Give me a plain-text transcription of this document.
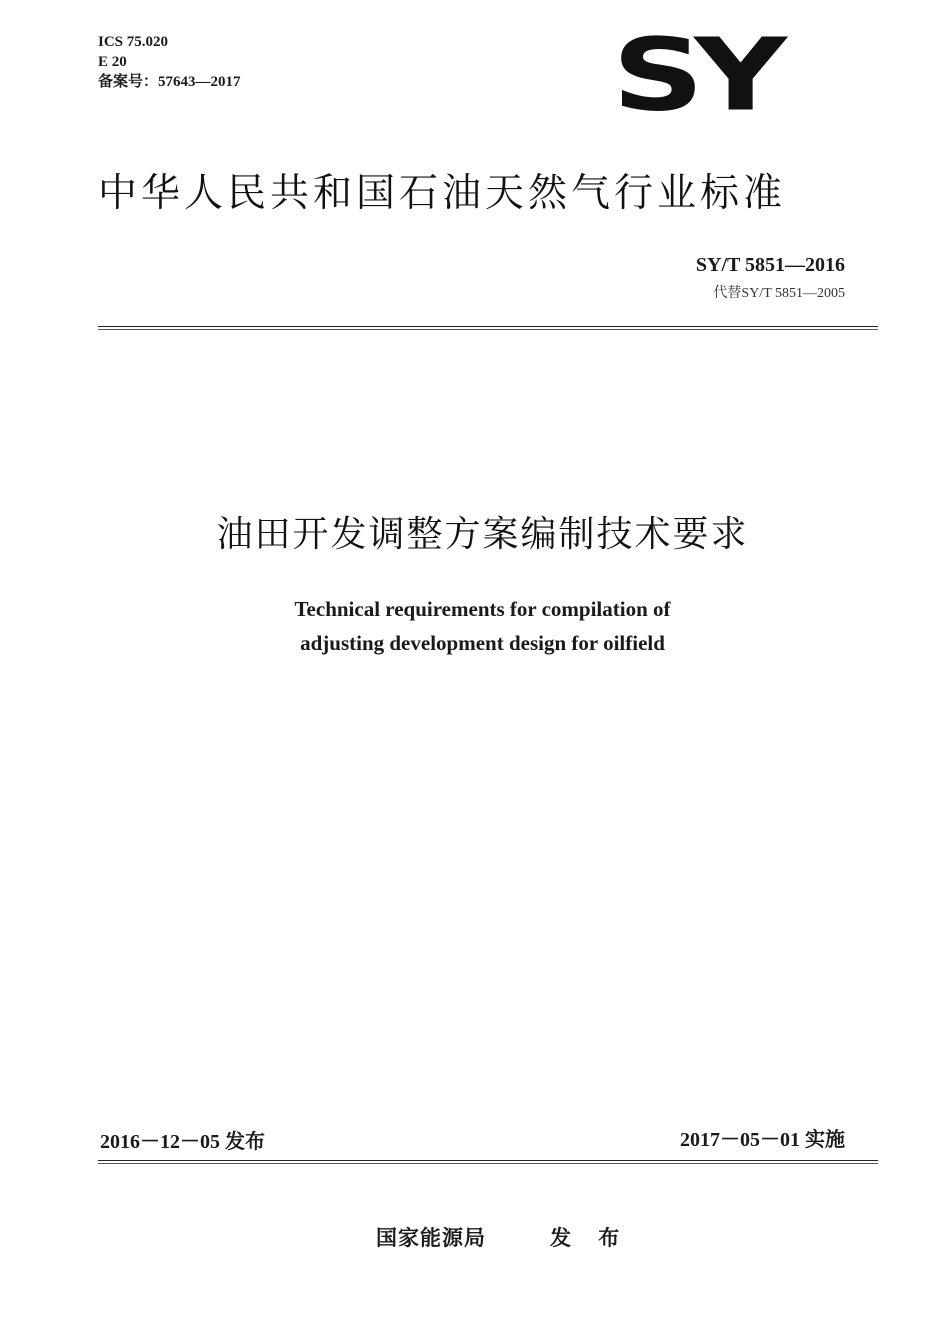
ICS 75.020
E 20
备案号：57643—2017	SY
中华人民共和国石油天然气行业标准
SY/T 5851—2016
代替SY/T 5851—2005
油田开发调整方案编制技术要求
Technical requirements for compilation of
adjusting development design for oilfield
2016－12－05 发布	2017－05－01 实施
国家能源局	发 布
